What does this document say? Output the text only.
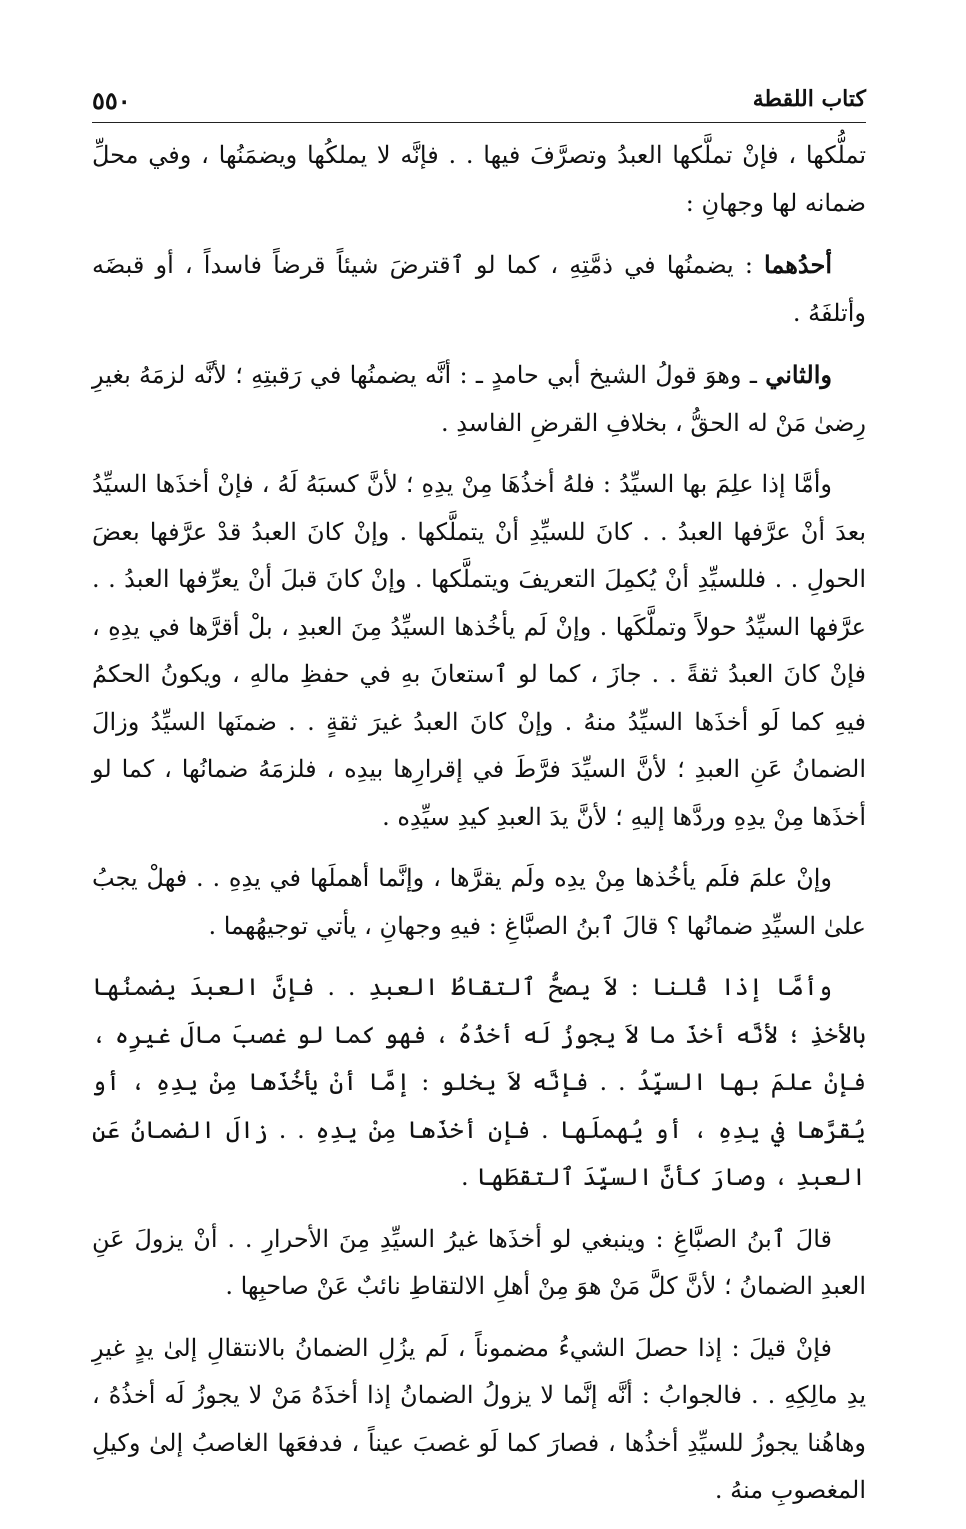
كتاب اللقطة
٥٥٠

تملُّكها ، فإنْ تملَّكها العبدُ وتصرَّفَ فيها . . فإنَّه لا يملكُها ويضمَنُها ، وفي محلِّ ضمانه لها وجهانِ :

أحدُهما : يضمنُها في ذمَّتِهِ ، كما لو ٱقترضَ شيئاً قرضاً فاسداً ، أو قبضَه وأتلفَهُ .

والثاني ـ وهوَ قولُ الشيخ أبي حامدٍ ـ : أنَّه يضمنُها في رَقبتِهِ ؛ لأنَّه لزمَهُ بغيرِ رِضىٰ مَنْ له الحقُّ ، بخلافِ القرضِ الفاسدِ .

وأمَّا إذا علِمَ بها السيِّدُ : فلهُ أخذُهَا مِنْ يدِهِ ؛ لأنَّ كسبَهُ لَهُ ، فإنْ أخذَها السيِّدُ بعدَ أنْ عرَّفها العبدُ . . كانَ للسيِّدِ أنْ يتملَّكها . وإنْ كانَ العبدُ قدْ عرَّفها بعضَ الحولِ . . فللسيِّدِ أنْ يُكمِلَ التعريفَ ويتملَّكها . وإنْ كانَ قبلَ أنْ يعرِّفها العبدُ . . عرَّفها السيِّدُ حولاً وتملَّكَها . وإنْ لَم يأخُذها السيِّدُ مِنَ العبدِ ، بلْ أقرَّها في يدِهِ ، فإنْ كانَ العبدُ ثقةً . . جازَ ، كما لو ٱستعانَ بهِ في حفظِ مالهِ ، ويكونُ الحكمُ فيهِ كما لَو أخذَها السيِّدُ منهُ . وإنْ كانَ العبدُ غيرَ ثقةٍ . . ضمنَها السيِّدُ وزالَ الضمانُ عَنِ العبدِ ؛ لأنَّ السيِّدَ فرَّطَ في إقرارِها بيدِه ، فلزمَهُ ضمانُها ، كما لو أخذَها مِنْ يدِهِ وردَّها إليهِ ؛ لأنَّ يدَ العبدِ كيدِ سيِّدِه .

وإنْ علمَ فلَم يأخُذها مِنْ يدِه ولَم يقرَّها ، وإنَّما أهملَها في يدِهِ . . فهلْ يجبُ علىٰ السيِّدِ ضمانُها ؟ قالَ ٱبنُ الصبَّاغِ : فيهِ وجهانِ ، يأتي توجيهُهما .

وأمَّا إذا قُلنا : لاَ يصحُّ ٱلتقاطُ العبدِ . . فإنَّ العبدَ يضمنُها بالأخذِ ؛ لأنَّه أخذَ ما لاَ يجوزُ لَه أخذُهُ ، فهو كما لو غصبَ مالَ غيرِه ، فإنْ علمَ بها السيِّدُ . . فإنَّه لاَ يخلو : إمَّا أنْ يأخُذَها مِنْ يدِهِ ، أو يُقرَّها في يدِهِ ، أو يُهملَها . فإن أخذَها مِنْ يدِهِ . . زالَ الضمانُ عَنِ العبدِ ، وصارَ كأنَّ السيِّدَ ٱلتقطَها .

قالَ ٱبنُ الصبَّاغِ : وينبغي لو أخذَها غيرُ السيِّدِ مِنَ الأحرارِ . . أنْ يزولَ عَنِ العبدِ الضمانُ ؛ لأنَّ كلَّ مَنْ هوَ مِنْ أهلِ الالتقاطِ نائبٌ عَنْ صاحبِها .

فإنْ قيلَ : إذا حصلَ الشيءُ مضموناً ، لَم يزُلِ الضمانُ بالانتقالِ إلىٰ يدٍ غيرِ يدِ مالِكِهِ . . فالجوابُ : أنَّه إنَّما لا يزولُ الضمانُ إذا أخذَهُ مَنْ لا يجوزُ لَه أخذُهُ ، وهاهُنا يجوزُ للسيِّدِ أخذُها ، فصارَ كما لَو غصبَ عيناً ، فدفعَها الغاصبُ إلىٰ وكيلِ المغصوبِ منهُ .
